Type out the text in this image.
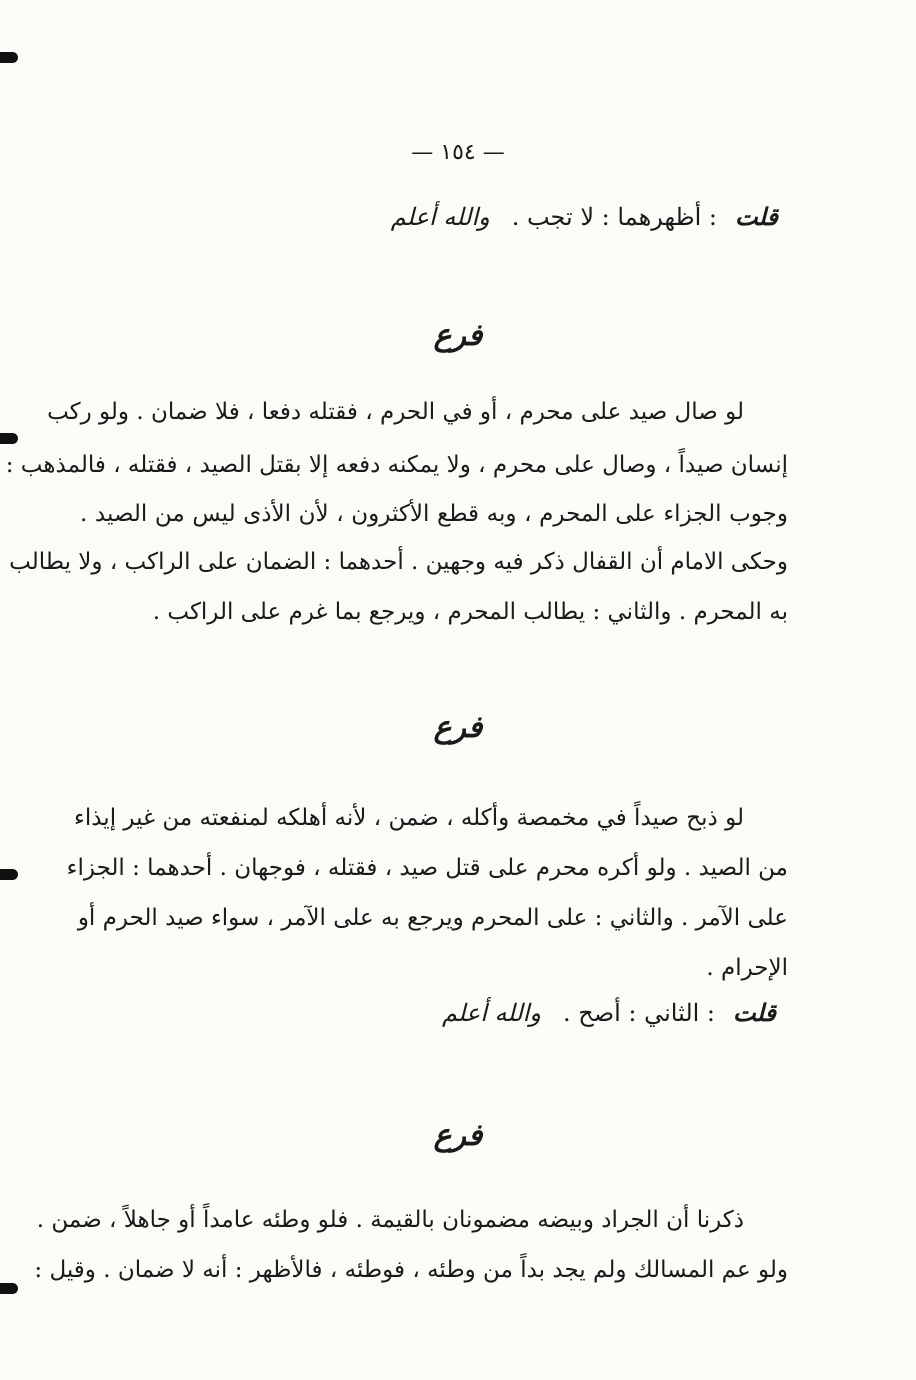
— ١٥٤ —
قلت: أظهرهما : لا تجب .والله أعلم
فرع
لو صال صيد على محرم ، أو في الحرم ، فقتله دفعا ، فلا ضمان . ولو ركب
إنسان صيداً ، وصال على محرم ، ولا يمكنه دفعه إلا بقتل الصيد ، فقتله ، فالمذهب :
وجوب الجزاء على المحرم ، وبه قطع الأكثرون ، لأن الأذى ليس من الصيد .
وحكى الامام أن القفال ذكر فيه وجهين . أحدهما : الضمان على الراكب ، ولا يطالب
به المحرم . والثاني : يطالب المحرم ، ويرجع بما غرم على الراكب .
فرع
لو ذبح صيداً في مخمصة وأكله ، ضمن ، لأنه أهلكه لمنفعته من غير إيذاء
من الصيد . ولو أكره محرم على قتل صيد ، فقتله ، فوجهان . أحدهما : الجزاء
على الآمر . والثاني : على المحرم ويرجع به على الآمر ، سواء صيد الحرم أو
الإحرام .
قلت: الثاني : أصح .والله أعلم
فرع
ذكرنا أن الجراد وبيضه مضمونان بالقيمة . فلو وطئه عامداً أو جاهلاً ، ضمن .
ولو عم المسالك ولم يجد بداً من وطئه ، فوطئه ، فالأظهر : أنه لا ضمان . وقيل :
